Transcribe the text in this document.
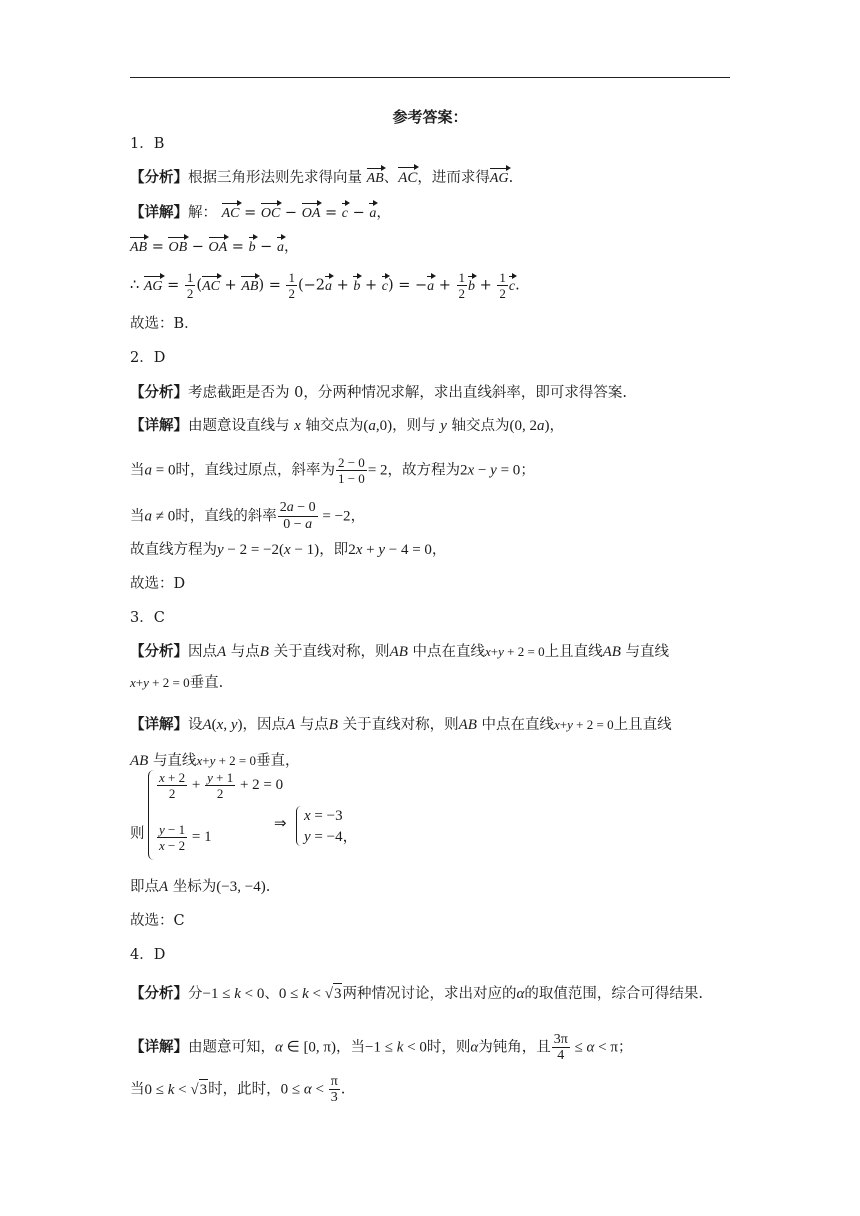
参考答案：
1．B
【分析】根据三角形法则先求得向量 AB、AC，进而求得AG.
【详解】解： AC = OC − OA = c − a，
AB = OB − OA = b − a，
∴ AG = $\frac{1}{2} (AC + AB) = \frac{1}{2} (-2a + b + c) = -a + \frac{1}{2}$ $b + \frac{1}{2} c$.
故选：B．
2．D
【分析】考虑截距是否为 0，分两种情况求解，求出直线斜率，即可求得答案.
【详解】由题意设直线与 x 轴交点为(a,0)，则与 y 轴交点为(0, 2a)，
当a = 0时，直线过原点，斜率为 $\frac{2 - 0}{1 - 0} = 2$，故方程为2x − y = 0；
当a ≠ 0时，直线的斜率 $\frac{2a - 0}{0 - a} = -2$，
故直线方程为y − 2 = −2(x − 1)，即2x + y − 4 = 0，
故选：D
3．C
【分析】因点A 与点B 关于直线对称，则AB 中点在直线x+y + 2 = 0上且直线AB 与直线
x+y + 2 = 0垂直.
【详解】设A(x, y)，因点A 与点B 关于直线对称，则AB 中点在直线x+y + 2 = 0上且直线
AB 与直线x+y + 2 = 0垂直，
则
$\frac{x + 2}{2} + \frac{y + 1}{2} + 2 = 0$
$\frac{y - 1}{x - 2} = 1$
⇒ x = −3
y = −4，
即点A 坐标为(−3, −4).
故选：C
4．D
【分析】分−1 ≤ k < 0、0 ≤ k < √3两种情况讨论，求出对应的α的取值范围，综合可得结果.
【详解】由题意可知，α ∈ [0, π)，当−1 ≤ k < 0时，则α为钝角，且 $\frac{3\pi}{4} \le \alpha < \pi$；
当0 ≤ k < √3时，此时，$0 \le \alpha < \frac{\pi}{3}$ .
